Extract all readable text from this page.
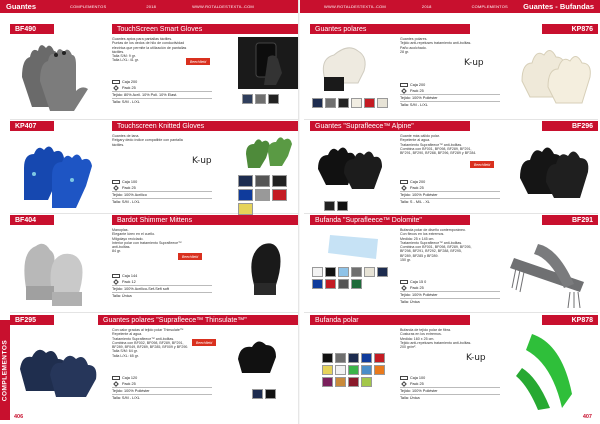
Guantes	COMPLEMENTOS	2018	WWW.ROTALDESTEXTIL.COM
COMPLEMENTOS
BF490	TouchScreen Smart Gloves
Guantes aptos para pantallas táctiles.
Puntas de los dedos de hilo de conductividad
electrica que permite la utilización de pantallas
táctiles.
Talla S/M: 9 gr.
Talla L/XL: 41 gr.	Beechfield
Caja 200
Pack 25
Tejido: 80% Acril. 10% Poli. 10% Elast.
Talla: S/M - L/XL
KP407	Touchscreen Knitted Gloves
Guantes de lana.
Relgary dedo índice compatible con pantalla
táctiles.
K-up
Caja 100
Pack 25
Tejido: 100% Acrilico
Talla: S/M - L/XL
BF404	Bardot Shimmer Mittens
Manoplas.
Elegante lúrex en el cuello.
Milgolayo reciclado.
Interior polar con tratamiento Suprafleece™
anti-bolitas.
84 gr.
Beechfield
Caja 144
Pack 12
Tejido: 100% Acrílico-Sef-Sefi soft
Talla: Única
BF295	Guantes polares "Suprafleece™ Thinsulate™"
Con calor gracias al tejido polar Thinsulate™
Repelente al agua.
Tratamiento Suprafleece™ anti-bolitas.
Combina con BF002, BF098, BF289, BF291,
BF289, BF049, BF289, BF285, BF009 y BF290.
Talla S/M: 64 gr.
Talla L/XL: 65 gr.
Beechfield
Caja 120
Pack 25
Tejido: 100% Poliéster
Talla: S/M - L/XL
406
WWW.ROTALDESTEXTIL.COM	2018	COMPLEMENTOS	Guantes - Bufandas
Guantes polares	KP876
Guantes polares.
Tejido anti-repeluses tratamiento anti-bolitas.
Paño acolchado.
28 gr.
K-up
Caja 200
Pack 25
Tejido: 100% Poliéster
Talla: S/M - L/XL
Guantes "Suprafleece™ Alpine"	BF296
Guante más cálido polar.
Repelente al agua.
Tratamiento Suprafleece™ anti-bolitas.
Combina con BF001, BF098, BF289, BF291,
BF291, BF290, BF288, BF296, BF289 y BF284.
Beechfield
Caja 200
Pack 25
Tejido: 100% Poliéster
Talla: S - M/L - XL
Bufanda "Suprafleece™ Dolomite"	BF291
Bufanda polar de diseño contemporáneo.
Con flecos en los extremos.
Medida: 25 x 145 cm.
Tratamiento Suprafleece™ anti-bolitas.
Combina con BF001, BF098, BF289, BF295,
BF298, BF291, BF292, BF288, BF295,
BF289, BF285 y BF289.
150 gr.
Caja 15 0
Pack 25
Tejido: 100% Poliéster
Talla: Única
Bufanda polar	KP878
Bufanda de tejido polar de fibra.
Costuras en los extremos.
Medida: 160 x 25 cm.
Tejido anti-repeluses tratamiento anti-bolitas.
200 gr/m².
K-up
Caja 100
Pack 25
Tejido: 100% Poliéster
Talla: Única
407
